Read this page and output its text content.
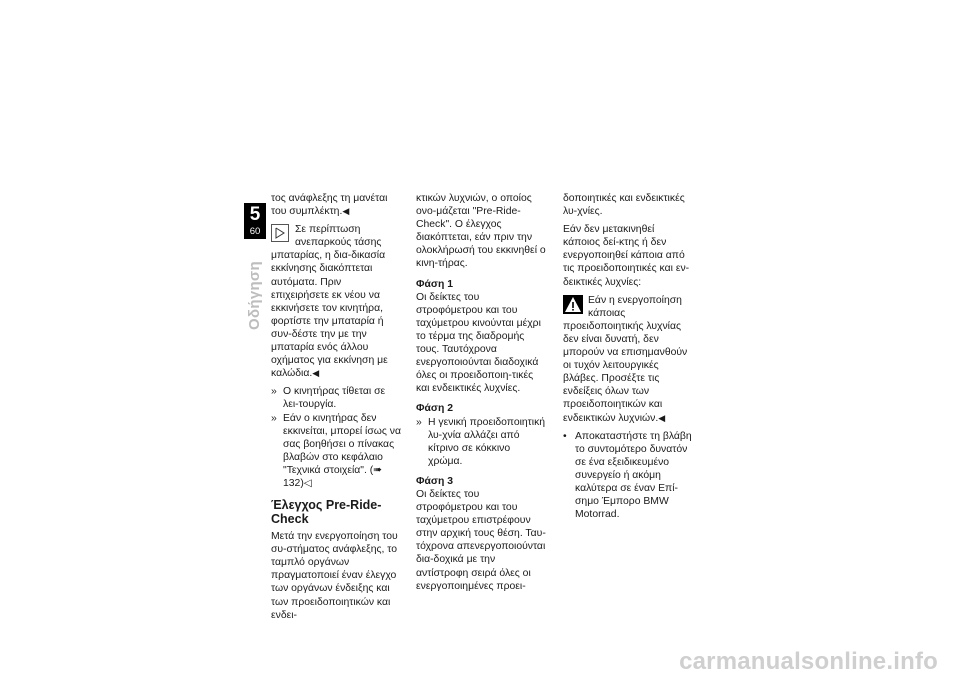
5
60
Οδήγηση

τος ανάφλεξης τη μανέται του συμπλέκτη.◀

Σε περίπτωση ανεπαρκούς τάσης μπαταρίας, η δια-δικασία εκκίνησης διακόπτεται αυτόματα. Πριν επιχειρήσετε εκ νέου να εκκινήσετε τον κινητήρα, φορτίστε την μπαταρία ή συν-δέστε την με την μπαταρία ενός άλλου οχήματος για εκκίνηση με καλώδια.◀

» Ο κινητήρας τίθεται σε λει-τουργία.

» Εάν ο κινητήρας δεν εκκινείται, μπορεί ίσως να σας βοηθήσει ο πίνακας βλαβών στο κεφάλαιο "Τεχνικά στοιχεία". (➠ 132)◁

Έλεγχος Pre-Ride-Check

Μετά την ενεργοποίηση του συ-στήματος ανάφλεξης, το ταμπλό οργάνων πραγματοποιεί έναν έλεγχο των οργάνων ένδειξης και των προειδοποιητικών και ενδει-

κτικών λυχνιών, ο οποίος ονο-μάζεται "Pre-Ride-Check". Ο έλεγχος διακόπτεται, εάν πριν την ολοκλήρωσή του εκκινηθεί ο κινη-τήρας.

Φάση 1

Οι δείκτες του στροφόμετρου και του ταχύμετρου κινούνται μέχρι το τέρμα της διαδρομής τους. Ταυτόχρονα ενεργοποιούνται διαδοχικά όλες οι προειδοποιη-τικές και ενδεικτικές λυχνίες.

Φάση 2

» Η γενική προειδοποιητική λυ-χνία αλλάζει από κίτρινο σε κόκκινο χρώμα.

Φάση 3

Οι δείκτες του στροφόμετρου και του ταχύμετρου επιστρέφουν στην αρχική τους θέση. Ταυ-τόχρονα απενεργοποιούνται δια-δοχικά με την αντίστροφη σειρά όλες οι ενεργοποιημένες προει-

δοποιητικές και ενδεικτικές λυ-χνίες.

Εάν δεν μετακινηθεί κάποιος δεί-κτης ή δεν ενεργοποιηθεί κάποια από τις προειδοποιητικές και εν-δεικτικές λυχνίες:

Εάν η ενεργοποίηση κάποιας προειδοποιητικής λυχνίας δεν είναι δυνατή, δεν μπορούν να επισημανθούν οι τυχόν λειτουργικές βλάβες. Προσέξτε τις ενδείξεις όλων των προειδοποιητικών και ενδεικτικών λυχνιών.◀

• Αποκαταστήστε τη βλάβη το συντομότερο δυνατόν σε ένα εξειδικευμένο συνεργείο ή ακόμη καλύτερα σε έναν Επί-σημο Έμπορο BMW Motorrad.

carmanualsonline.info
